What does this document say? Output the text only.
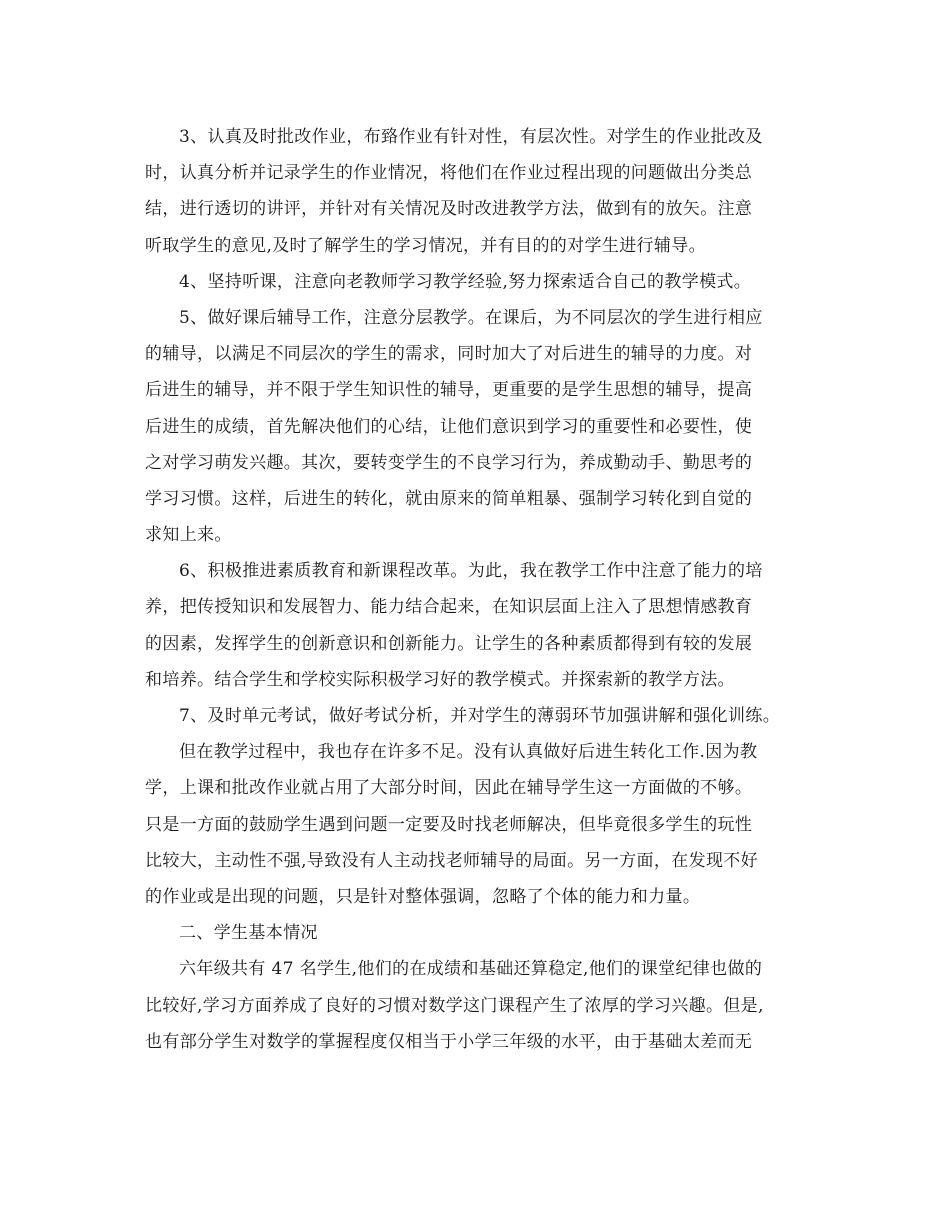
3、认真及时批改作业，布臵作业有针对性，有层次性。对学生的作业批改及
时，认真分析并记录学生的作业情况，将他们在作业过程出现的问题做出分类总
结，进行透切的讲评，并针对有关情况及时改进教学方法，做到有的放矢。注意
听取学生的意见,及时了解学生的学习情况，并有目的的对学生进行辅导。
4、坚持听课，注意向老教师学习教学经验,努力探索适合自己的教学模式。
5、做好课后辅导工作，注意分层教学。在课后，为不同层次的学生进行相应
的辅导，以满足不同层次的学生的需求，同时加大了对后进生的辅导的力度。对
后进生的辅导，并不限于学生知识性的辅导，更重要的是学生思想的辅导，提高
后进生的成绩，首先解决他们的心结，让他们意识到学习的重要性和必要性，使
之对学习萌发兴趣。其次，要转变学生的不良学习行为，养成勤动手、勤思考的
学习习惯。这样，后进生的转化，就由原来的简单粗暴、强制学习转化到自觉的
求知上来。
6、积极推进素质教育和新课程改革。为此，我在教学工作中注意了能力的培
养，把传授知识和发展智力、能力结合起来，在知识层面上注入了思想情感教育
的因素，发挥学生的创新意识和创新能力。让学生的各种素质都得到有较的发展
和培养。结合学生和学校实际积极学习好的教学模式。并探索新的教学方法。
7、及时单元考试，做好考试分析，并对学生的薄弱环节加强讲解和强化训练。
但在教学过程中，我也存在许多不足。没有认真做好后进生转化工作.因为教
学，上课和批改作业就占用了大部分时间，因此在辅导学生这一方面做的不够。
只是一方面的鼓励学生遇到问题一定要及时找老师解决，但毕竟很多学生的玩性
比较大，主动性不强,导致没有人主动找老师辅导的局面。另一方面，在发现不好
的作业或是出现的问题，只是针对整体强调，忽略了个体的能力和力量。
二、学生基本情况
六年级共有 47 名学生,他们的在成绩和基础还算稳定,他们的课堂纪律也做的
比较好,学习方面养成了良好的习惯对数学这门课程产生了浓厚的学习兴趣。但是,
也有部分学生对数学的掌握程度仅相当于小学三年级的水平，由于基础太差而无
